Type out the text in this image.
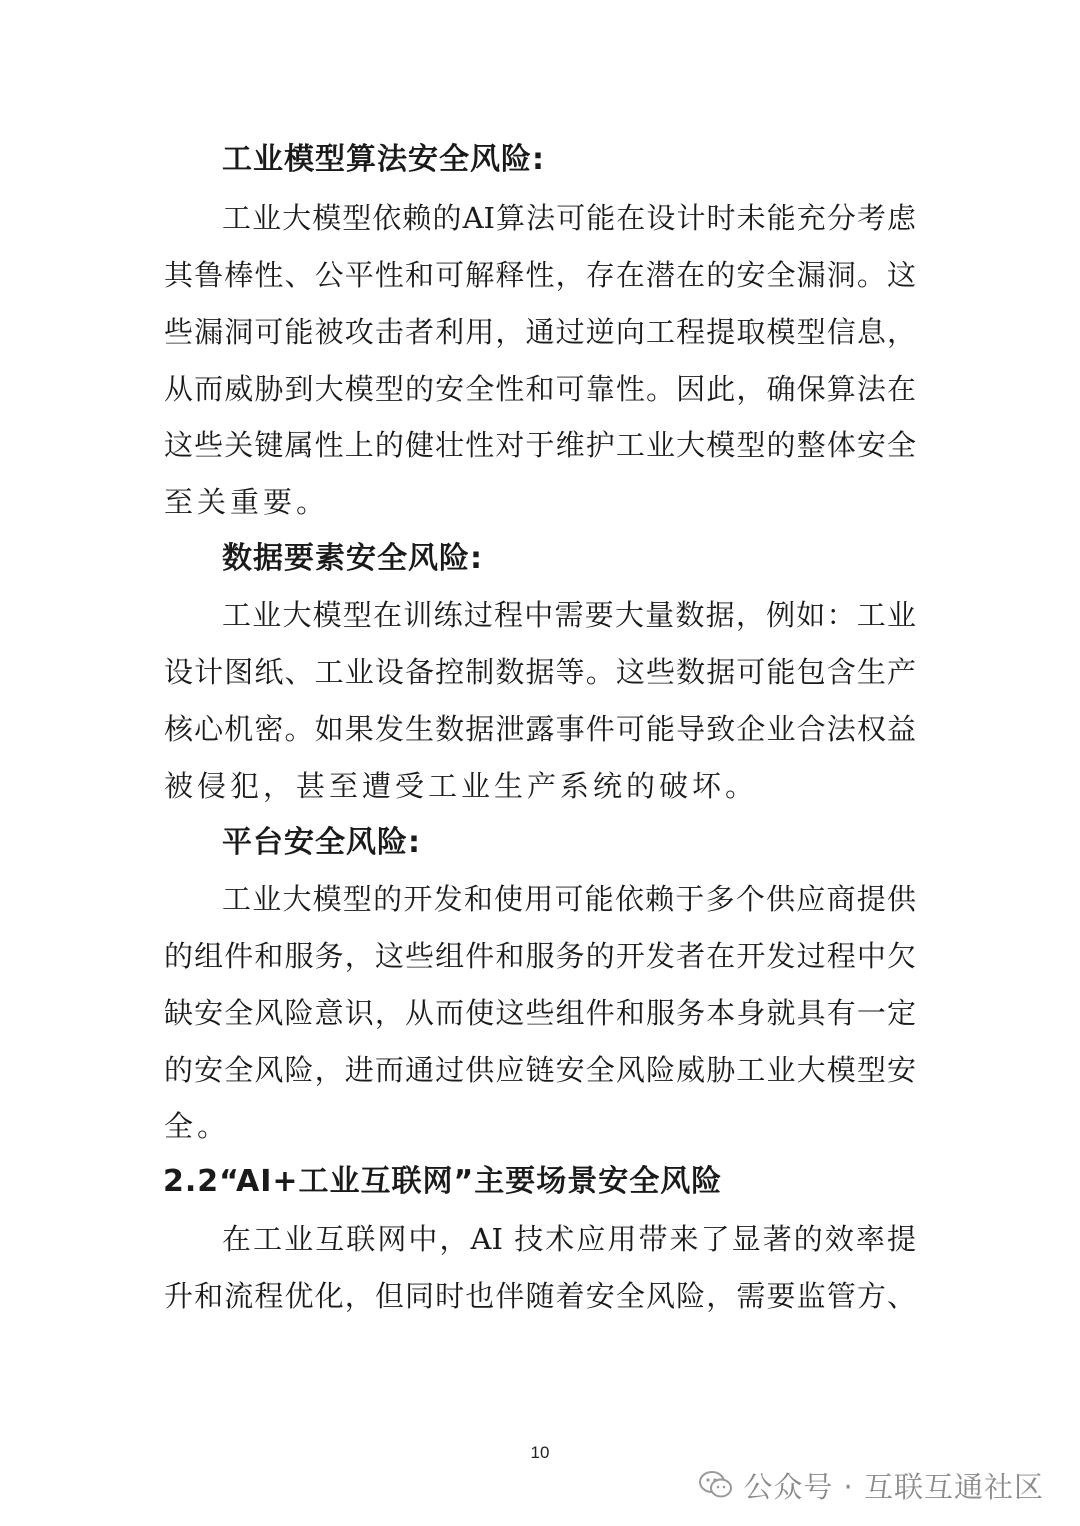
工业模型算法安全风险:
工业大模型依赖的AI算法可能在设计时未能充分考虑
其鲁棒性、公平性和可解释性，存在潜在的安全漏洞。这
些漏洞可能被攻击者利用，通过逆向工程提取模型信息，
从而威胁到大模型的安全性和可靠性。因此，确保算法在
这些关键属性上的健壮性对于维护工业大模型的整体安全
至关重要。
数据要素安全风险:
工业大模型在训练过程中需要大量数据，例如：工业
设计图纸、工业设备控制数据等。这些数据可能包含生产
核心机密。如果发生数据泄露事件可能导致企业合法权益
被侵犯，甚至遭受工业生产系统的破坏。
平台安全风险:
工业大模型的开发和使用可能依赖于多个供应商提供
的组件和服务，这些组件和服务的开发者在开发过程中欠
缺安全风险意识，从而使这些组件和服务本身就具有一定
的安全风险，进而通过供应链安全风险威胁工业大模型安
全。
2.2“AI+工业互联网”主要场景安全风险
在工业互联网中，AI 技术应用带来了显著的效率提
升和流程优化，但同时也伴随着安全风险，需要监管方、
10
公众号 · 互联互通社区
